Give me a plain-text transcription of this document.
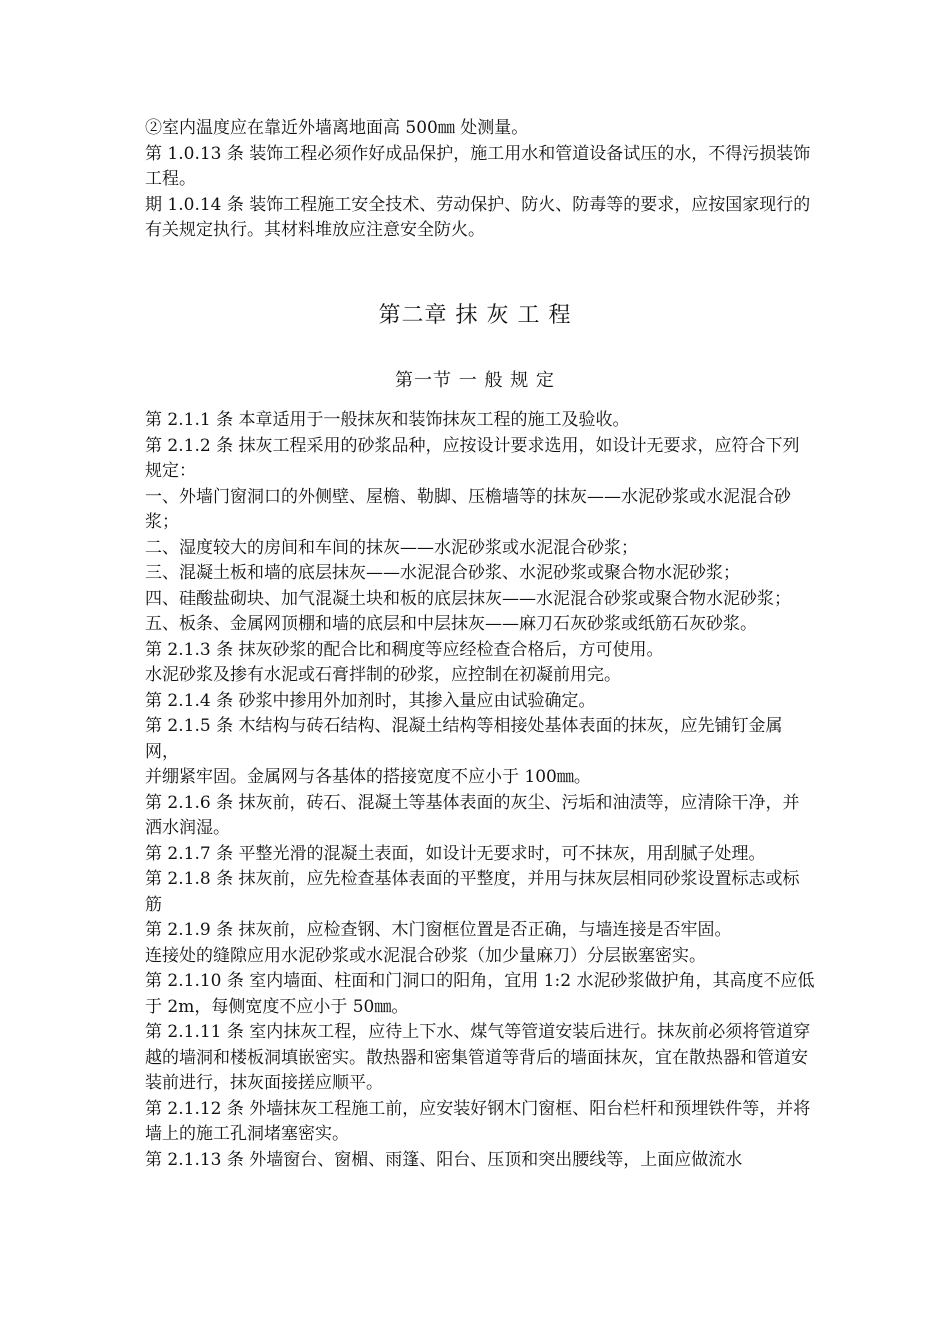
②室内温度应在靠近外墙离地面高 500㎜ 处测量。

第 1.0.13 条 装饰工程必须作好成品保护，施工用水和管道设备试压的水，不得污损装饰工程。

期 1.0.14 条 装饰工程施工安全技术、劳动保护、防火、防毒等的要求，应按国家现行的有关规定执行。其材料堆放应注意安全防火。

第二章 抹 灰 工 程
第一节 一 般 规 定

第 2.1.1 条 本章适用于一般抹灰和装饰抹灰工程的施工及验收。

第 2.1.2 条 抹灰工程采用的砂浆品种，应按设计要求选用，如设计无要求，应符合下列规定：

一、外墙门窗洞口的外侧壁、屋檐、勒脚、压檐墙等的抹灰——水泥砂浆或水泥混合砂浆；

二、湿度较大的房间和车间的抹灰——水泥砂浆或水泥混合砂浆；

三、混凝土板和墙的底层抹灰——水泥混合砂浆、水泥砂浆或聚合物水泥砂浆；

四、硅酸盐砌块、加气混凝土块和板的底层抹灰——水泥混合砂浆或聚合物水泥砂浆；

五、板条、金属网顶棚和墙的底层和中层抹灰——麻刀石灰砂浆或纸筋石灰砂浆。

第 2.1.3 条 抹灰砂浆的配合比和稠度等应经检查合格后，方可使用。

水泥砂浆及掺有水泥或石膏拌制的砂浆，应控制在初凝前用完。

第 2.1.4 条 砂浆中掺用外加剂时，其掺入量应由试验确定。

第 2.1.5 条 木结构与砖石结构、混凝土结构等相接处基体表面的抹灰，应先铺钉金属网，

并绷紧牢固。金属网与各基体的搭接宽度不应小于 100㎜。

第 2.1.6 条 抹灰前，砖石、混凝土等基体表面的灰尘、污垢和油渍等，应清除干净，并洒水润湿。

第 2.1.7 条 平整光滑的混凝土表面，如设计无要求时，可不抹灰，用刮腻子处理。

第 2.1.8 条 抹灰前，应先检查基体表面的平整度，并用与抹灰层相同砂浆设置标志或标筋

第 2.1.9 条 抹灰前，应检查钢、木门窗框位置是否正确，与墙连接是否牢固。

连接处的缝隙应用水泥砂浆或水泥混合砂浆（加少量麻刀）分层嵌塞密实。

第 2.1.10 条 室内墙面、柱面和门洞口的阳角，宜用 1:2 水泥砂浆做护角，其高度不应低于 2m，每侧宽度不应小于 50㎜。

第 2.1.11 条 室内抹灰工程，应待上下水、煤气等管道安装后进行。抹灰前必须将管道穿越的墙洞和楼板洞填嵌密实。散热器和密集管道等背后的墙面抹灰，宜在散热器和管道安装前进行，抹灰面接搓应顺平。

第 2.1.12 条 外墙抹灰工程施工前，应安装好钢木门窗框、阳台栏杆和预埋铁件等，并将墙上的施工孔洞堵塞密实。

第 2.1.13 条 外墙窗台、窗楣、雨篷、阳台、压顶和突出腰线等，上面应做流水
